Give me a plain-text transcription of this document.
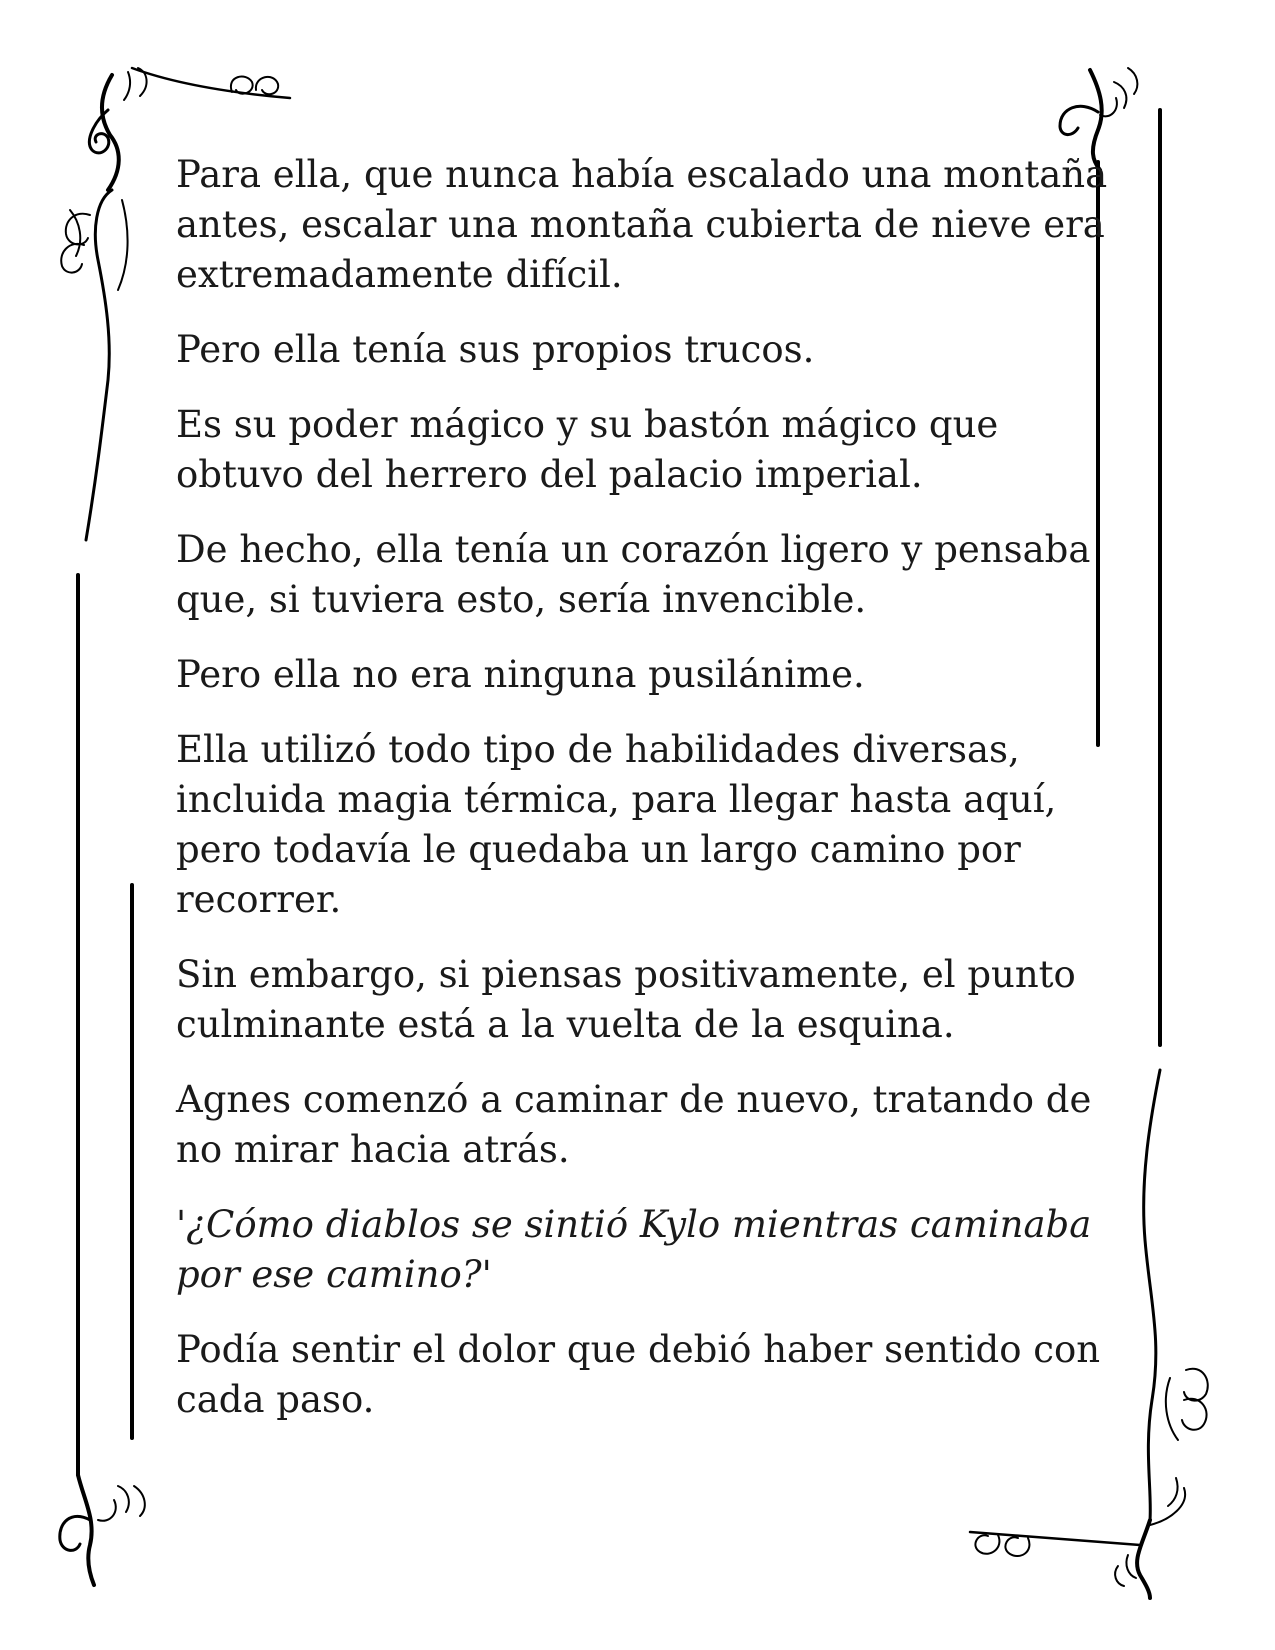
Para ella, que nunca había escalado una montaña antes, escalar una montaña cubierta de nieve era extremadamente difícil.

Pero ella tenía sus propios trucos.

Es su poder mágico y su bastón mágico que obtuvo del herrero del palacio imperial.

De hecho, ella tenía un corazón ligero y pensaba que, si tuviera esto, sería invencible.

Pero ella no era ninguna pusilánime.

Ella utilizó todo tipo de habilidades diversas, incluida magia térmica, para llegar hasta aquí, pero todavía le quedaba un largo camino por recorrer.

Sin embargo, si piensas positivamente, el punto culminante está a la vuelta de la esquina.

Agnes comenzó a caminar de nuevo, tratando de no mirar hacia atrás.

'¿Cómo diablos se sintió Kylo mientras caminaba por ese camino?'

Podía sentir el dolor que debió haber sentido con cada paso.
